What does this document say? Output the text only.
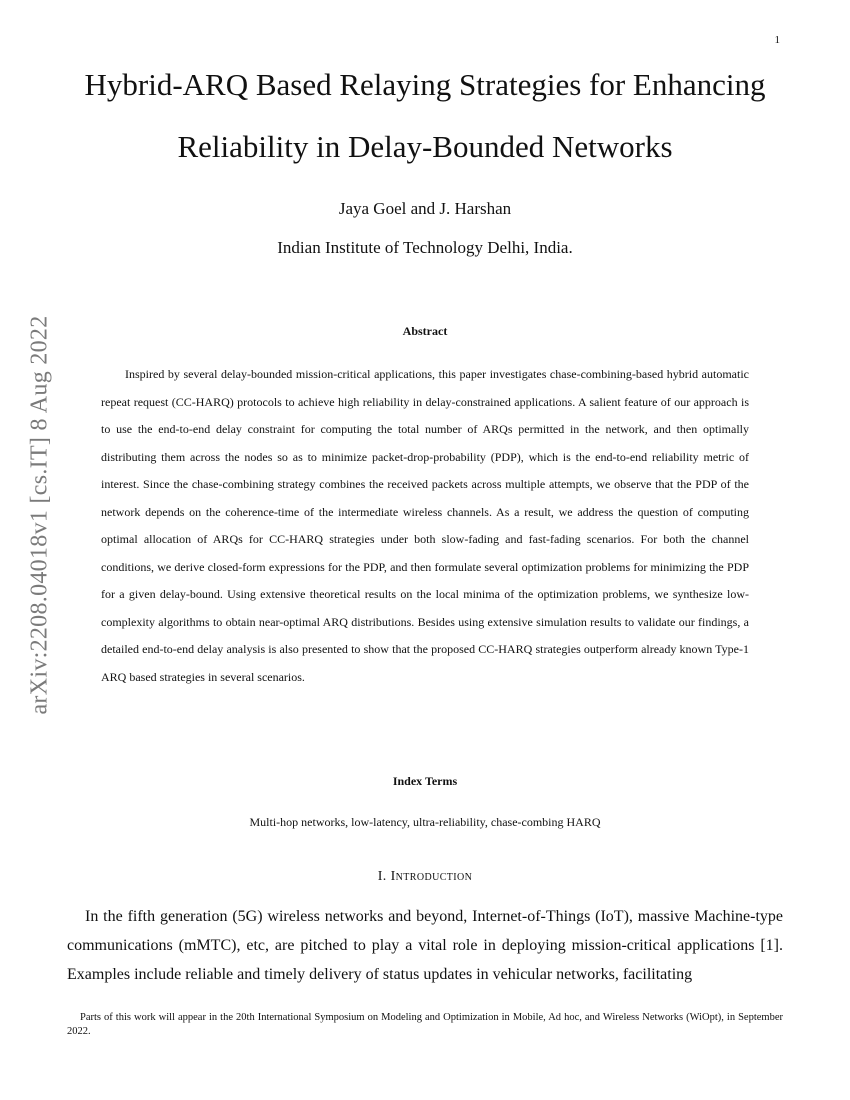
1
arXiv:2208.04018v1 [cs.IT] 8 Aug 2022
Hybrid-ARQ Based Relaying Strategies for Enhancing Reliability in Delay-Bounded Networks
Jaya Goel and J. Harshan
Indian Institute of Technology Delhi, India.
Abstract

Inspired by several delay-bounded mission-critical applications, this paper investigates chase-combining-based hybrid automatic repeat request (CC-HARQ) protocols to achieve high reliability in delay-constrained applications. A salient feature of our approach is to use the end-to-end delay constraint for computing the total number of ARQs permitted in the network, and then optimally distributing them across the nodes so as to minimize packet-drop-probability (PDP), which is the end-to-end reliability metric of interest. Since the chase-combining strategy combines the received packets across multiple attempts, we observe that the PDP of the network depends on the coherence-time of the intermediate wireless channels. As a result, we address the question of computing optimal allocation of ARQs for CC-HARQ strategies under both slow-fading and fast-fading scenarios. For both the channel conditions, we derive closed-form expressions for the PDP, and then formulate several optimization problems for minimizing the PDP for a given delay-bound. Using extensive theoretical results on the local minima of the optimization problems, we synthesize low-complexity algorithms to obtain near-optimal ARQ distributions. Besides using extensive simulation results to validate our findings, a detailed end-to-end delay analysis is also presented to show that the proposed CC-HARQ strategies outperform already known Type-1 ARQ based strategies in several scenarios.

Index Terms
Multi-hop networks, low-latency, ultra-reliability, chase-combing HARQ
I. Introduction

In the fifth generation (5G) wireless networks and beyond, Internet-of-Things (IoT), massive Machine-type communications (mMTC), etc, are pitched to play a vital role in deploying mission-critical applications [1]. Examples include reliable and timely delivery of status updates in vehicular networks, facilitating

Parts of this work will appear in the 20th International Symposium on Modeling and Optimization in Mobile, Ad hoc, and Wireless Networks (WiOpt), in September 2022.
